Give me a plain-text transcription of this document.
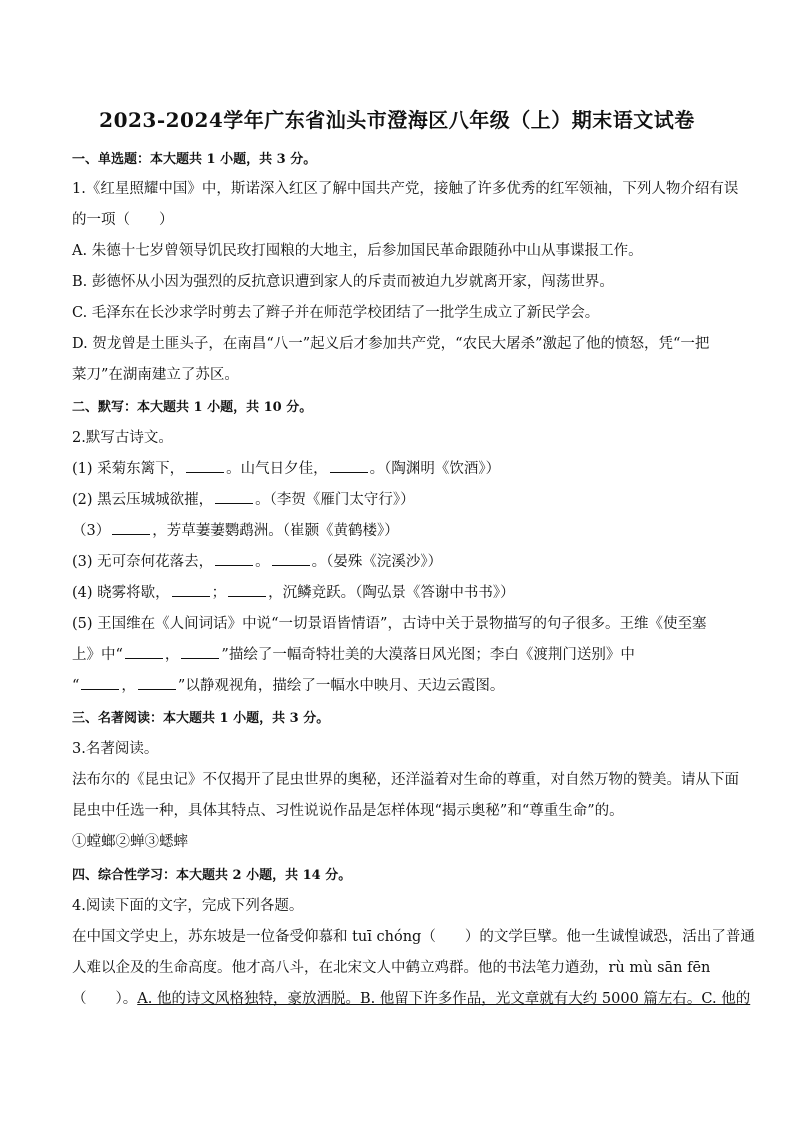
2023-2024学年广东省汕头市澄海区八年级（上）期末语文试卷
一、单选题：本大题共 1 小题，共 3 分。
1.《红星照耀中国》中，斯诺深入红区了解中国共产党，接触了许多优秀的红军领袖，下列人物介绍有误
的一项（　　）
A. 朱德十七岁曾领导饥民玫打囤粮的大地主，后参加国民革命跟随孙中山从事谍报工作。
B. 彭德怀从小因为强烈的反抗意识遭到家人的斥责而被迫九岁就离开家，闯荡世界。
C. 毛泽东在长沙求学时剪去了辫子并在师范学校团结了一批学生成立了新民学会。
D. 贺龙曾是土匪头子，在南昌“八一”起义后才参加共产党，“农民大屠杀”激起了他的愤怒，凭“一把
菜刀”在湖南建立了苏区。
二、默写：本大题共 1 小题，共 10 分。
2.默写古诗文。
(1) 采菊东篱下，	。山气日夕佳，	。（陶渊明《饮酒》）
(2) 黑云压城城欲摧，	。（李贺《雁门太守行》）
（3）	，芳草萋萋鹦鹉洲。（崔颢《黄鹤楼》）
(3) 无可奈何花落去，	。	。（晏殊《浣溪沙》）
(4) 晓雾将歇，	；	，沉鳞竞跃。（陶弘景《答谢中书书》）
(5) 王国维在《人间词话》中说“一切景语皆情语”，古诗中关于景物描写的句子很多。王维《使至塞
上》中“	，	”描绘了一幅奇特壮美的大漠落日风光图；李白《渡荆门送别》中
“	，	”以静观视角，描绘了一幅水中映月、天边云霞图。
三、名著阅读：本大题共 1 小题，共 3 分。
3.名著阅读。
法布尔的《昆虫记》不仅揭开了昆虫世界的奥秘，还洋溢着对生命的尊重，对自然万物的赞美。请从下面
昆虫中任选一种，具体其特点、习性说说作品是怎样体现“揭示奥秘”和“尊重生命”的。
①螳螂②蝉③蟋蟀
四、综合性学习：本大题共 2 小题，共 14 分。
4.阅读下面的文字，完成下列各题。
在中国文学史上，苏东坡是一位备受仰慕和 tuī chóng（　　）的文学巨擘。他一生诚惶诚恐，活出了普通
人难以企及的生命高度。他才高八斗，在北宋文人中鹤立鸡群。他的书法笔力遒劲，rù mù sān fēn
（　　）。A. 他的诗文风格独特，豪放洒脱。B. 他留下许多作品，光文章就有大约 5000 篇左右。C. 他的
